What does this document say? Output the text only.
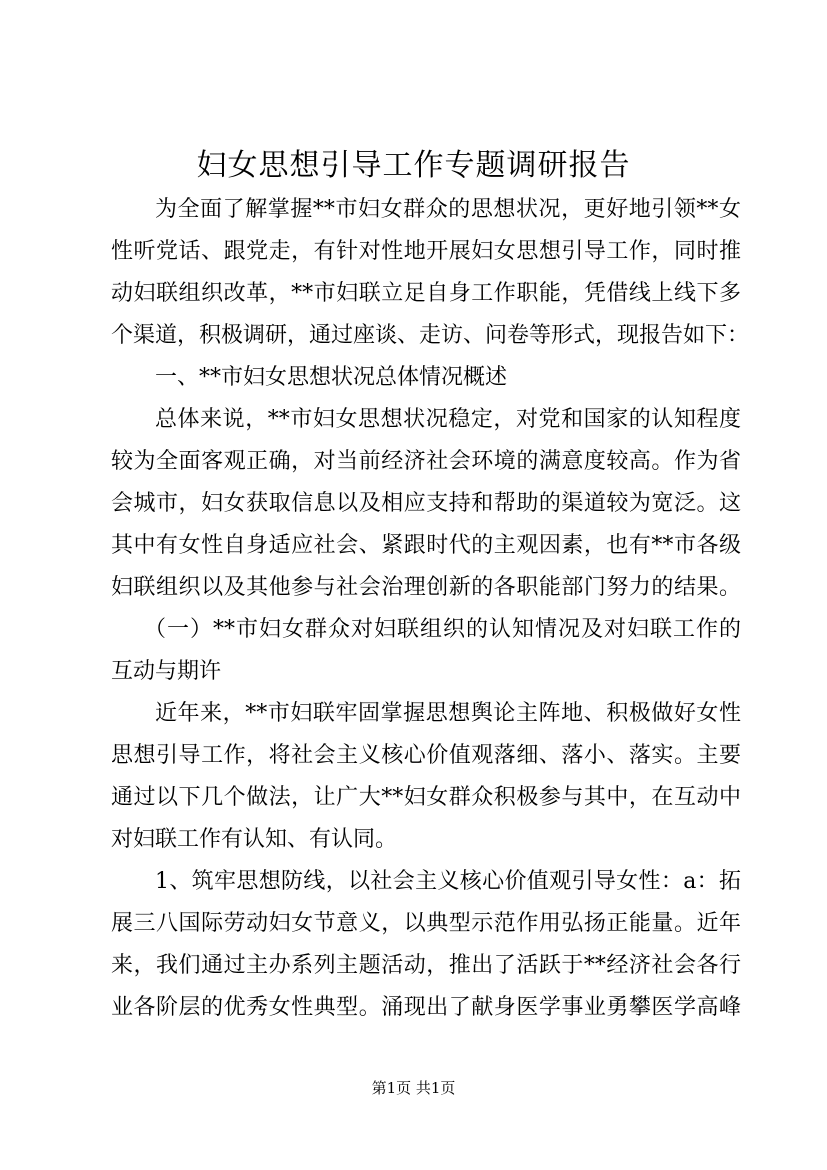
妇女思想引导工作专题调研报告
为全面了解掌握**市妇女群众的思想状况，更好地引领**女
性听党话、跟党走，有针对性地开展妇女思想引导工作，同时推
动妇联组织改革，**市妇联立足自身工作职能，凭借线上线下多
个渠道，积极调研，通过座谈、走访、问卷等形式，现报告如下：
一、**市妇女思想状况总体情况概述
总体来说，**市妇女思想状况稳定，对党和国家的认知程度
较为全面客观正确，对当前经济社会环境的满意度较高。作为省
会城市，妇女获取信息以及相应支持和帮助的渠道较为宽泛。这
其中有女性自身适应社会、紧跟时代的主观因素，也有**市各级
妇联组织以及其他参与社会治理创新的各职能部门努力的结果。
（一）**市妇女群众对妇联组织的认知情况及对妇联工作的
互动与期许
近年来，**市妇联牢固掌握思想舆论主阵地、积极做好女性
思想引导工作，将社会主义核心价值观落细、落小、落实。主要
通过以下几个做法，让广大**妇女群众积极参与其中，在互动中
对妇联工作有认知、有认同。
1、筑牢思想防线，以社会主义核心价值观引导女性：a：拓
展三八国际劳动妇女节意义，以典型示范作用弘扬正能量。近年
来，我们通过主办系列主题活动，推出了活跃于**经济社会各行
业各阶层的优秀女性典型。涌现出了献身医学事业勇攀医学高峰
第1页 共1页
